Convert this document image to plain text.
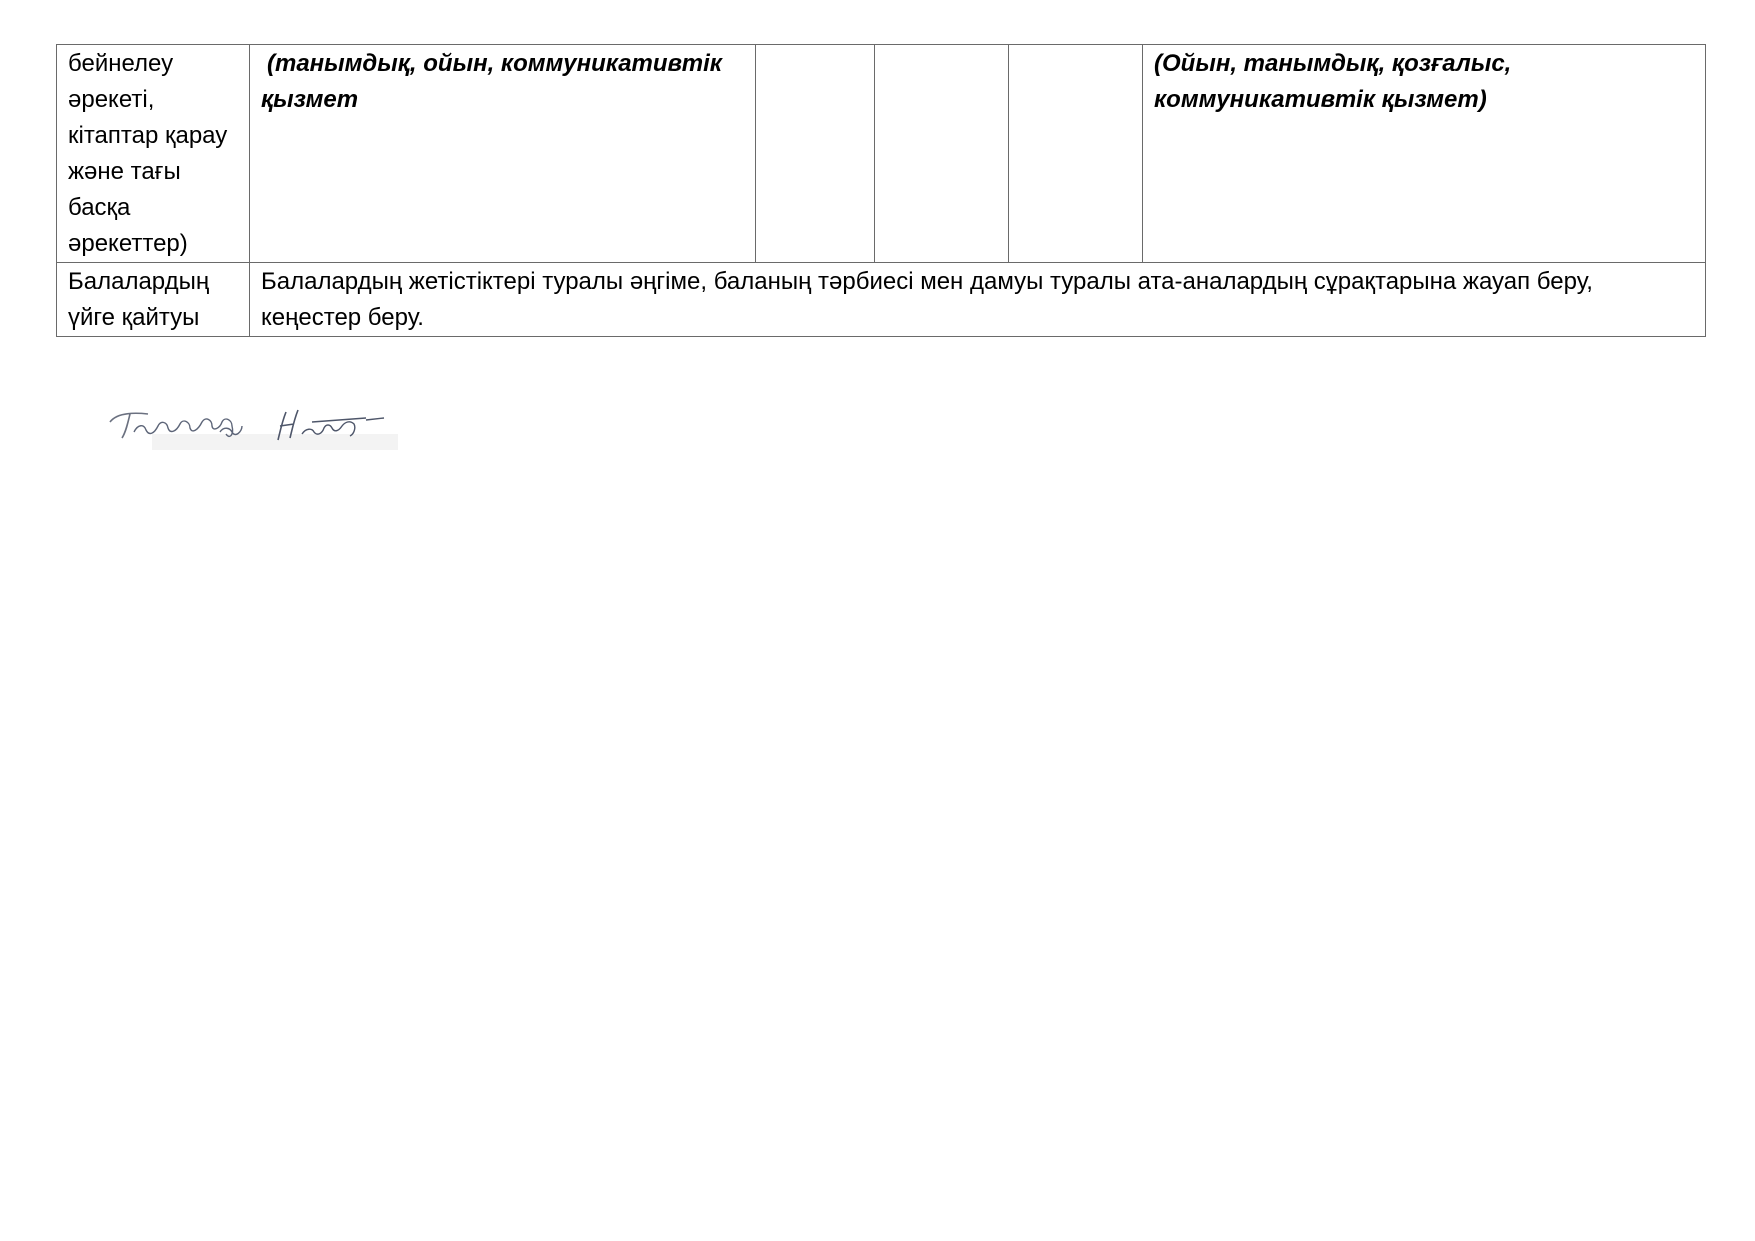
бейнелеу әрекеті, кітаптар қарау және тағы басқа әрекеттер)	(танымдық, ойын, коммуникативтік қызмет				(Ойын, танымдық, қозғалыс, коммуникативтік қызмет)
Балалардың үйге қайтуы	Балалардың жетістіктері туралы әңгіме, баланың тәрбиесі мен дамуы туралы ата-аналардың сұрақтарына жауап беру, кеңестер беру.				
